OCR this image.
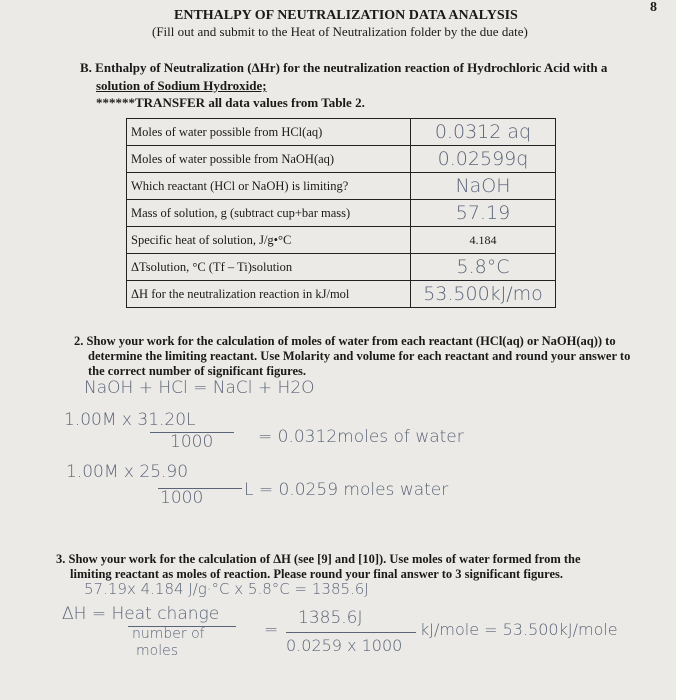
8
ENTHALPY OF NEUTRALIZATION DATA ANALYSIS
(Fill out and submit to the Heat of Neutralization folder by the due date)
B. Enthalpy of Neutralization (ΔHr) for the neutralization reaction of Hydrochloric Acid with a
solution of Sodium Hydroxide;
******TRANSFER all data values from Table 2.
Moles of water possible from HCl(aq)	0.0312 aq
Moles of water possible from NaOH(aq)	0.02599q
Which reactant (HCl or NaOH) is limiting?	NaOH
Mass of solution, g (subtract cup+bar mass)	57.19
Specific heat of solution, J/g•°C	4.184
ΔTsolution, °C (Tf – Ti)solution	5.8°C
ΔH for the neutralization reaction in kJ/mol	53.500kJ/mo
2. Show your work for the calculation of moles of water from each reactant (HCl(aq) or NaOH(aq)) to
determine the limiting reactant. Use Molarity and volume for each reactant and round your answer to
the correct number of significant figures.
NaOH + HCl = NaCl + H2O
1.00M x 31.20L
1000	= 0.0312moles of water
1.00M x 25.90
1000 L = 0.0259 moles water
3. Show your work for the calculation of ΔH (see [9] and [10]). Use moles of water formed from the
limiting reactant as moles of reaction. Please round your final answer to 3 significant figures.
57.19x 4.184 J/g·°C x 5.8°C = 1385.6J
ΔH = Heat change
number of
moles
=
1385.6J
0.0259 x 1000
kJ/mole = 53.500kJ/mole
